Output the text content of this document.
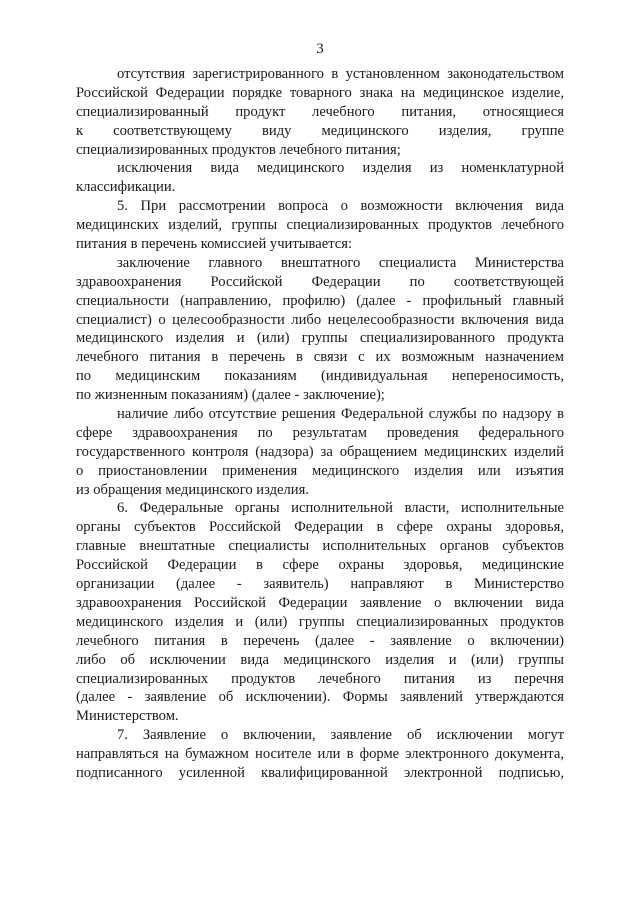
3
отсутствия зарегистрированного в установленном законодательством
Российской Федерации порядке товарного знака на медицинское изделие,
специализированный продукт лечебного питания, относящиеся
к соответствующему виду медицинского изделия, группе
специализированных продуктов лечебного питания;
исключения вида медицинского изделия из номенклатурной
классификации.
5. При рассмотрении вопроса о возможности включения вида
медицинских изделий, группы специализированных продуктов лечебного
питания в перечень комиссией учитывается:
заключение главного внештатного специалиста Министерства
здравоохранения Российской Федерации по соответствующей
специальности (направлению, профилю) (далее - профильный главный
специалист) о целесообразности либо нецелесообразности включения вида
медицинского изделия и (или) группы специализированного продукта
лечебного питания в перечень в связи с их возможным назначением
по медицинским показаниям (индивидуальная непереносимость,
по жизненным показаниям) (далее - заключение);
наличие либо отсутствие решения Федеральной службы по надзору в
сфере здравоохранения по результатам проведения федерального
государственного контроля (надзора) за обращением медицинских изделий
о приостановлении применения медицинского изделия или изъятия
из обращения медицинского изделия.
6. Федеральные органы исполнительной власти, исполнительные
органы субъектов Российской Федерации в сфере охраны здоровья,
главные внештатные специалисты исполнительных органов субъектов
Российской Федерации в сфере охраны здоровья, медицинские
организации (далее - заявитель) направляют в Министерство
здравоохранения Российской Федерации заявление о включении вида
медицинского изделия и (или) группы специализированных продуктов
лечебного питания в перечень (далее - заявление о включении)
либо об исключении вида медицинского изделия и (или) группы
специализированных продуктов лечебного питания из перечня
(далее - заявление об исключении). Формы заявлений утверждаются
Министерством.
7. Заявление о включении, заявление об исключении могут
направляться на бумажном носителе или в форме электронного документа,
подписанного усиленной квалифицированной электронной подписью,
